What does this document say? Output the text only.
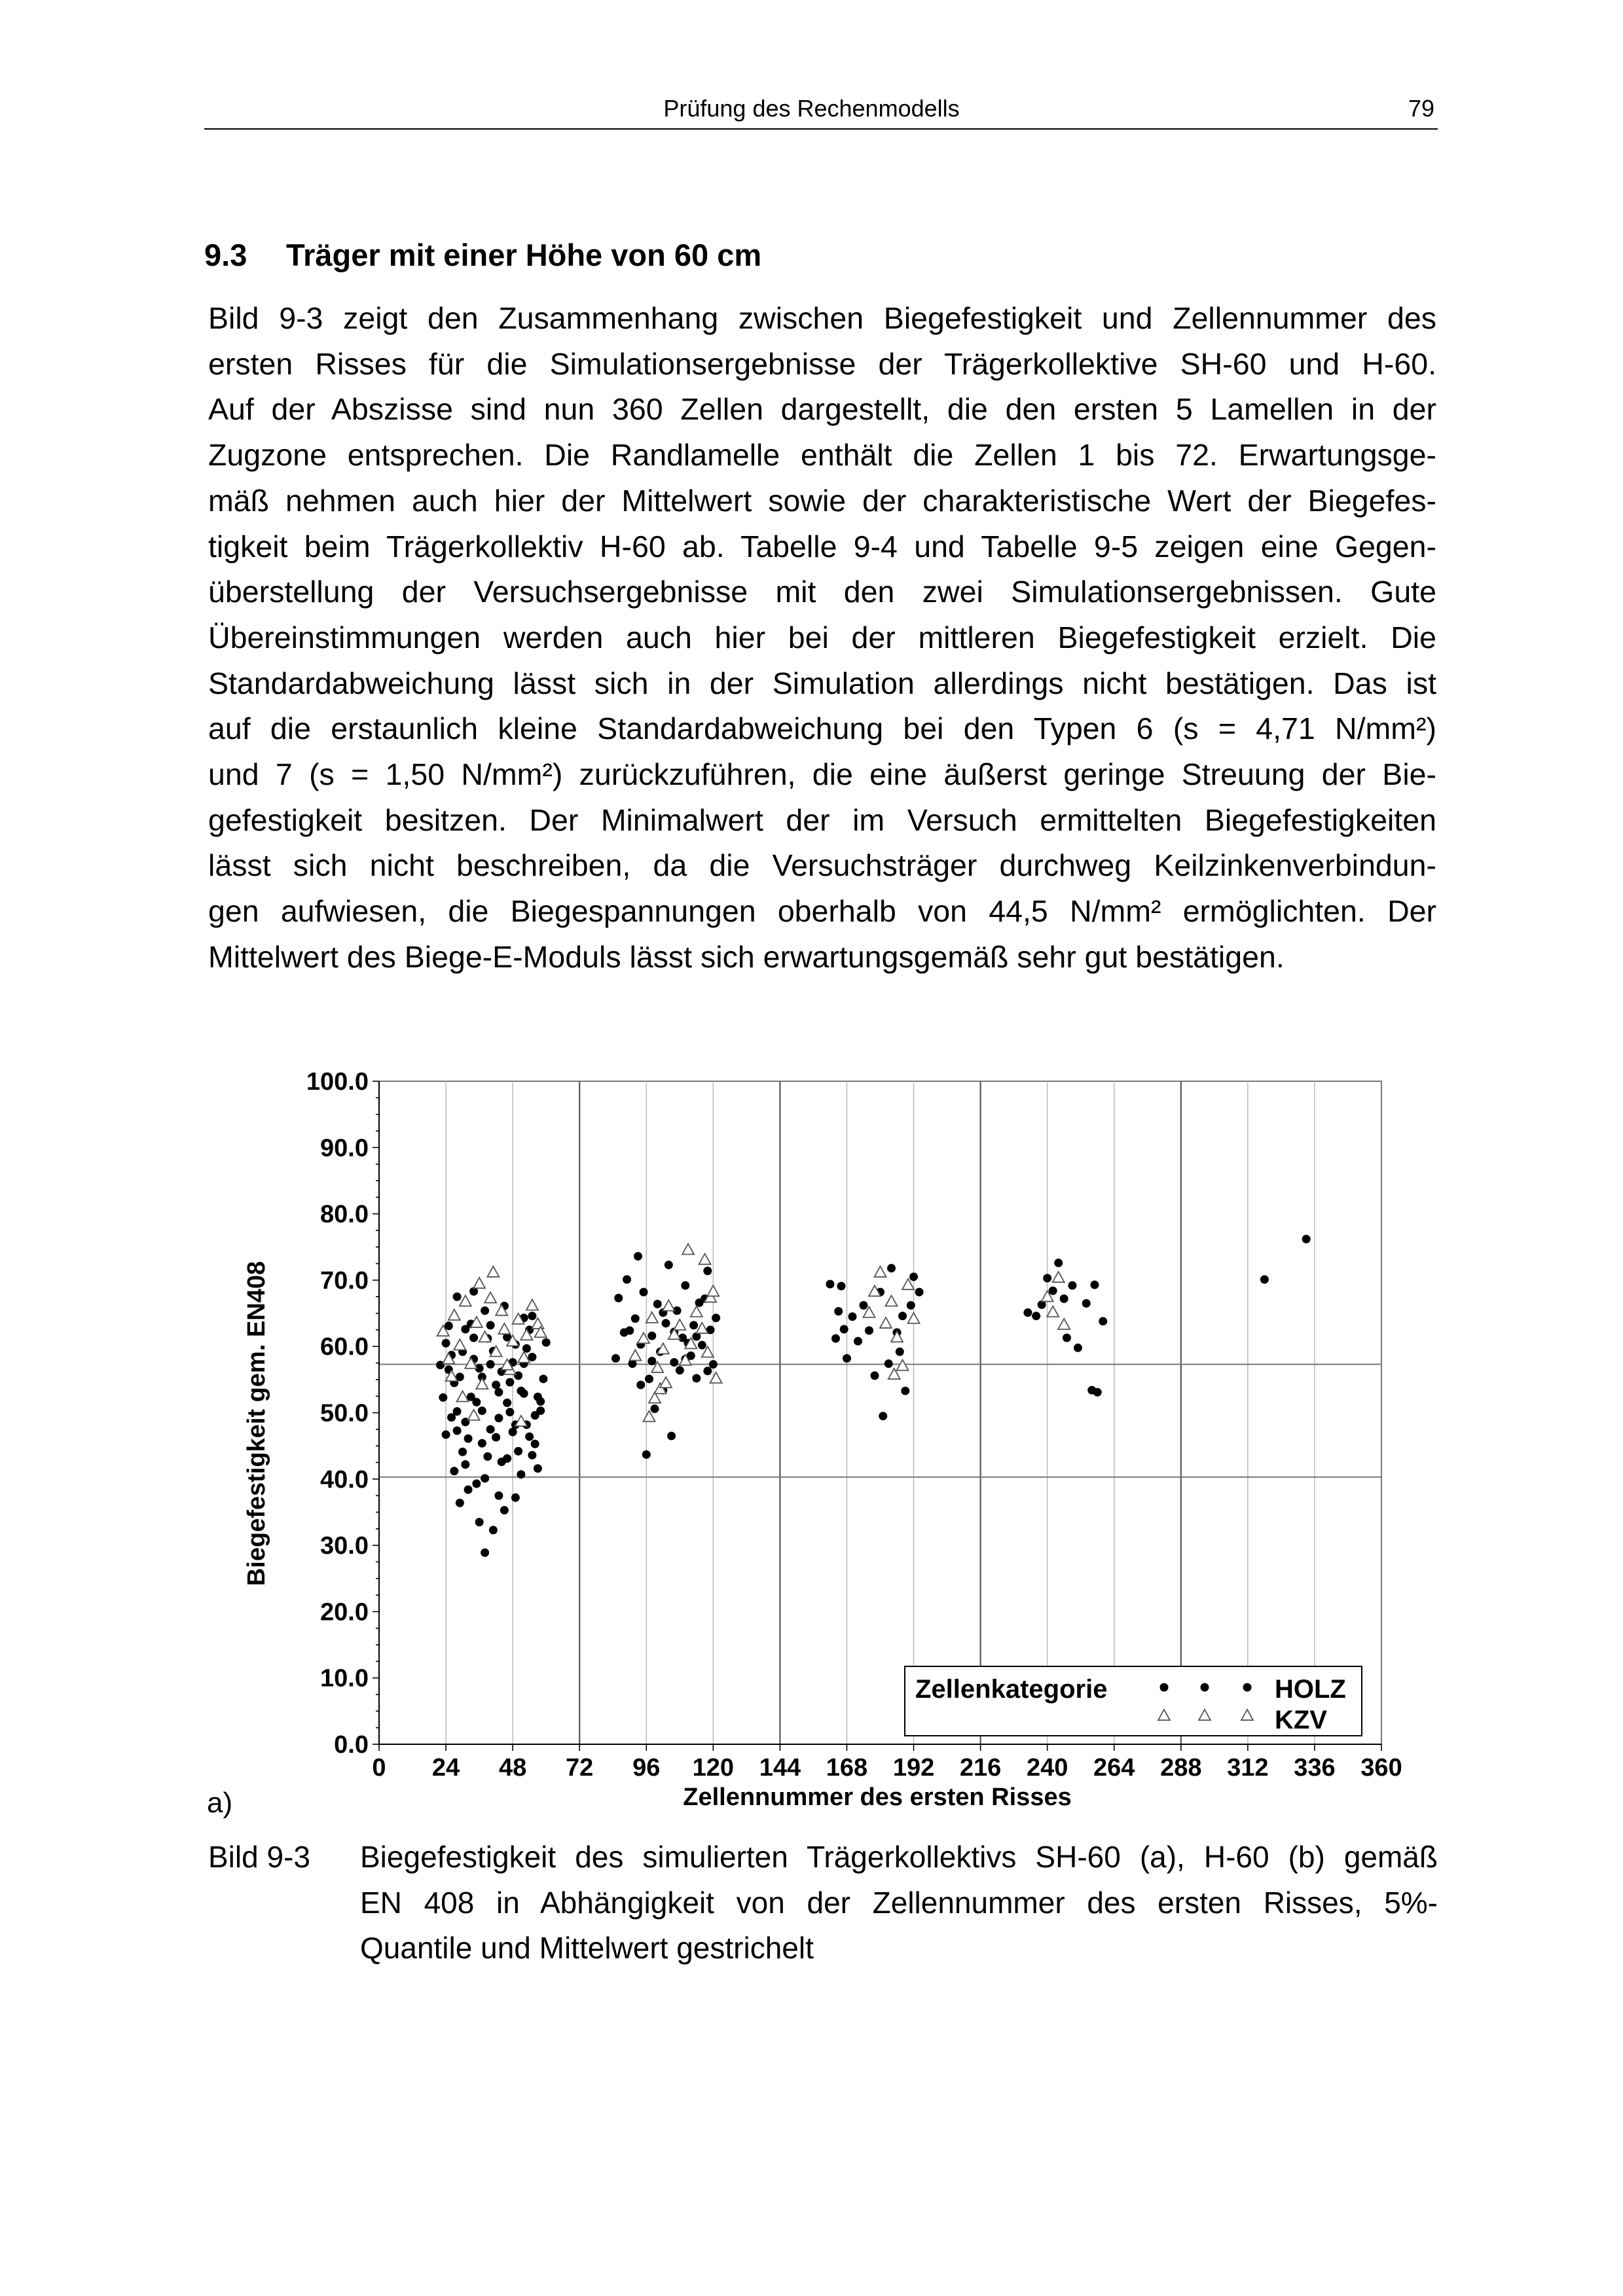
Prüfung des Rechenmodells	79
9.3 Träger mit einer Höhe von 60 cm
Bild 9-3 zeigt den Zusammenhang zwischen Biegefestigkeit und Zellennummer des
ersten Risses für die Simulationsergebnisse der Trägerkollektive SH-60 und H-60.
Auf der Abszisse sind nun 360 Zellen dargestellt, die den ersten 5 Lamellen in der
Zugzone entsprechen. Die Randlamelle enthält die Zellen 1 bis 72. Erwartungsge-
mäß nehmen auch hier der Mittelwert sowie der charakteristische Wert der Biegefes-
tigkeit beim Trägerkollektiv H-60 ab. Tabelle 9-4 und Tabelle 9-5 zeigen eine Gegen-
überstellung der Versuchsergebnisse mit den zwei Simulationsergebnissen. Gute
Übereinstimmungen werden auch hier bei der mittleren Biegefestigkeit erzielt. Die
Standardabweichung lässt sich in der Simulation allerdings nicht bestätigen. Das ist
auf die erstaunlich kleine Standardabweichung bei den Typen 6 (s = 4,71 N/mm²)
und 7 (s = 1,50 N/mm²) zurückzuführen, die eine äußerst geringe Streuung der Bie-
gefestigkeit besitzen. Der Minimalwert der im Versuch ermittelten Biegefestigkeiten
lässt sich nicht beschreiben, da die Versuchsträger durchweg Keilzinkenverbindun-
gen aufwiesen, die Biegespannungen oberhalb von 44,5 N/mm² ermöglichten. Der
Mittelwert des Biege-E-Moduls lässt sich erwartungsgemäß sehr gut bestätigen.
0.0
10.0
20.0
30.0
40.0
50.0
60.0
70.0
80.0
90.0
100.0
0 24 48 72 96 120 144 168 192 216 240 264 288 312 336 360
Zellenkategorie	HOLZ
KZV
Zellennummer des ersten Risses
Biegefestigkeit gem. EN408
a)
Bild 9-3 Biegefestigkeit des simulierten Trägerkollektivs SH-60 (a), H-60 (b) gemäß
EN 408 in Abhängigkeit von der Zellennummer des ersten Risses, 5%-
Quantile und Mittelwert gestrichelt
